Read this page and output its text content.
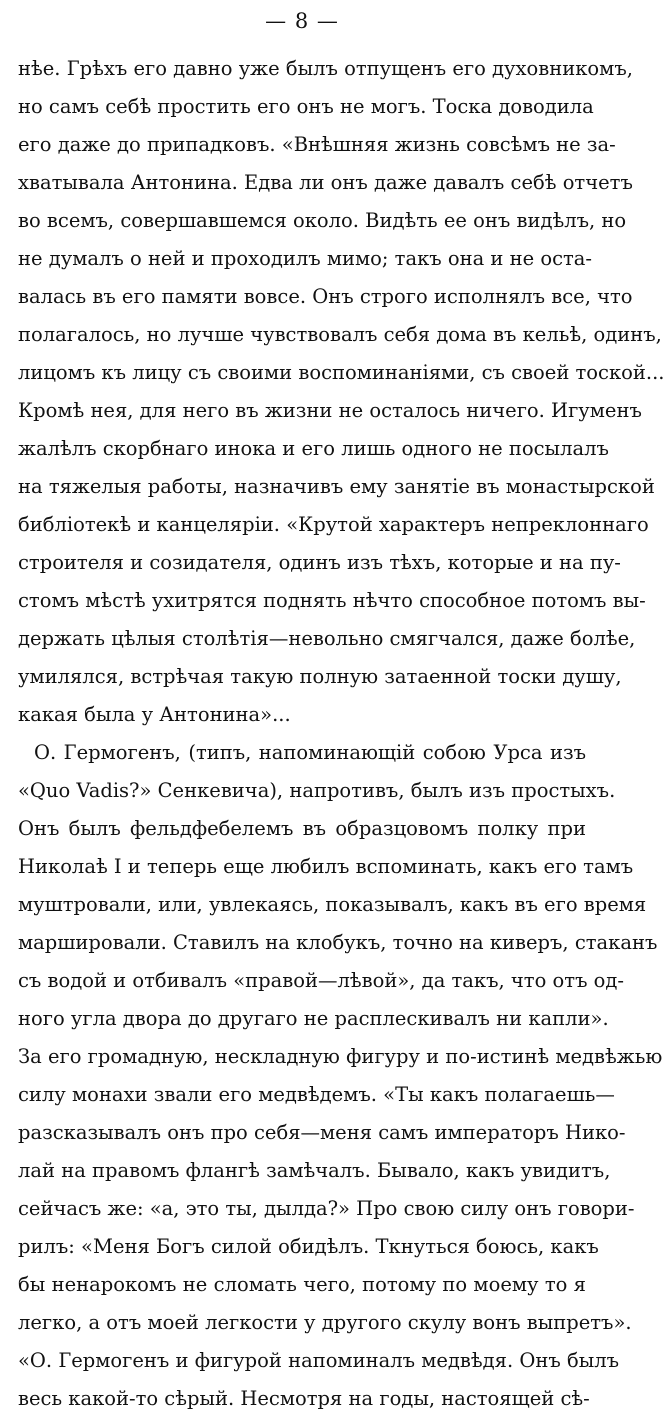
— 8 —
нѣе. Грѣхъ его давно уже былъ отпущенъ его духовникомъ,
но самъ себѣ простить его онъ не могъ. Тоска доводила
его даже до припадковъ. «Внѣшняя жизнь совсѣмъ не за-
хватывала Антонина. Едва ли онъ даже давалъ себѣ отчетъ
во всемъ, совершавшемся около. Видѣть ее онъ видѣлъ, но
не думалъ о ней и проходилъ мимо; такъ она и не оста-
валась въ его памяти вовсе. Онъ строго исполнялъ все, что
полагалось, но лучше чувствовалъ себя дома въ кельѣ, одинъ,
лицомъ къ лицу съ своими воспоминаніями, съ своей тоской...
Кромѣ нея, для него въ жизни не осталось ничего. Игуменъ
жалѣлъ скорбнаго инока и его лишь одного не посылалъ
на тяжелыя работы, назначивъ ему занятіе въ монастырской
библіотекѣ и канцеляріи. «Крутой характеръ непреклоннаго
строителя и созидателя, одинъ изъ тѣхъ, которые и на пу-
стомъ мѣстѣ ухитрятся поднять нѣчто способное потомъ вы-
держать цѣлыя столѣтія—невольно смягчался, даже болѣе,
умилялся, встрѣчая такую полную затаенной тоски душу,
какая была у Антонина»...
О. Гермогенъ, (типъ, напоминающій собою Урса изъ
«Quo Vadis?» Сенкевича), напротивъ, былъ изъ простыхъ.
Онъ былъ фельдфебелемъ въ образцовомъ полку при
Николаѣ I и теперь еще любилъ вспоминать, какъ его тамъ
муштровали, или, увлекаясь, показывалъ, какъ въ его время
маршировали. Ставилъ на клобукъ, точно на киверъ, стаканъ
съ водой и отбивалъ «правой—лѣвой», да такъ, что отъ од-
ного угла двора до другаго не расплескивалъ ни капли».
За его громадную, нескладную фигуру и по-истинѣ медвѣжью
силу монахи звали его медвѣдемъ. «Ты какъ полагаешь—
разсказывалъ онъ про себя—меня самъ императоръ Нико-
лай на правомъ флангѣ замѣчалъ. Бывало, какъ увидитъ,
сейчасъ же: «а, это ты, дылда?» Про свою силу онъ говори-
рилъ: «Меня Богъ силой обидѣлъ. Ткнуться боюсь, какъ
бы ненарокомъ не сломать чего, потому по моему то я
легко, а отъ моей легкости у другого скулу вонъ выпретъ».
«О. Гермогенъ и фигурой напоминалъ медвѣдя. Онъ былъ
весь какой-то сѣрый. Несмотря на годы, настоящей сѣ-
